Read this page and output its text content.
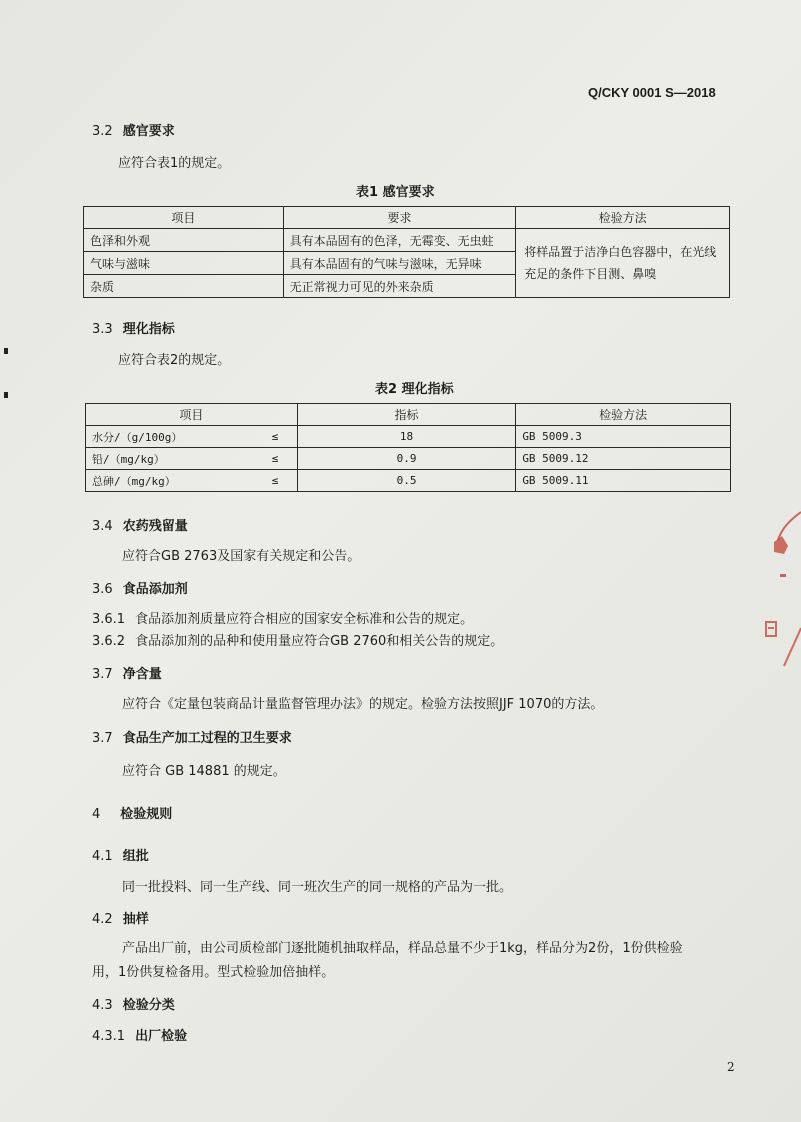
Q/CKY 0001 S—2018
3.2 感官要求
应符合表1的规定。
表1 感官要求
项目	要求	检验方法
色泽和外观	具有本品固有的色泽，无霉变、无虫蛀	将样品置于洁净白色容器中，在光线充足的条件下目测、鼻嗅
气味与滋味	具有本品固有的气味与滋味，无异味	
杂质	无正常视力可见的外来杂质	
3.3 理化指标
应符合表2的规定。
表2 理化指标
项目		指标	检验方法
水分/（g/100g）	≤	18	GB 5009.3
铅/（mg/kg）	≤	0.9	GB 5009.12
总砷/（mg/kg）	≤	0.5	GB 5009.11
3.4 农药残留量
应符合GB 2763及国家有关规定和公告。
3.6 食品添加剂
3.6.1 食品添加剂质量应符合相应的国家安全标准和公告的规定。
3.6.2 食品添加剂的品种和使用量应符合GB 2760和相关公告的规定。
3.7 净含量
应符合《定量包装商品计量监督管理办法》的规定。检验方法按照JJF 1070的方法。
3.7 食品生产加工过程的卫生要求
应符合 GB 14881 的规定。
4 检验规则
4.1 组批
同一批投料、同一生产线、同一班次生产的同一规格的产品为一批。
4.2 抽样
产品出厂前，由公司质检部门逐批随机抽取样品，样品总量不少于1kg，样品分为2份，1份供检验
用，1份供复检备用。型式检验加倍抽样。
4.3 检验分类
4.3.1 出厂检验
2
